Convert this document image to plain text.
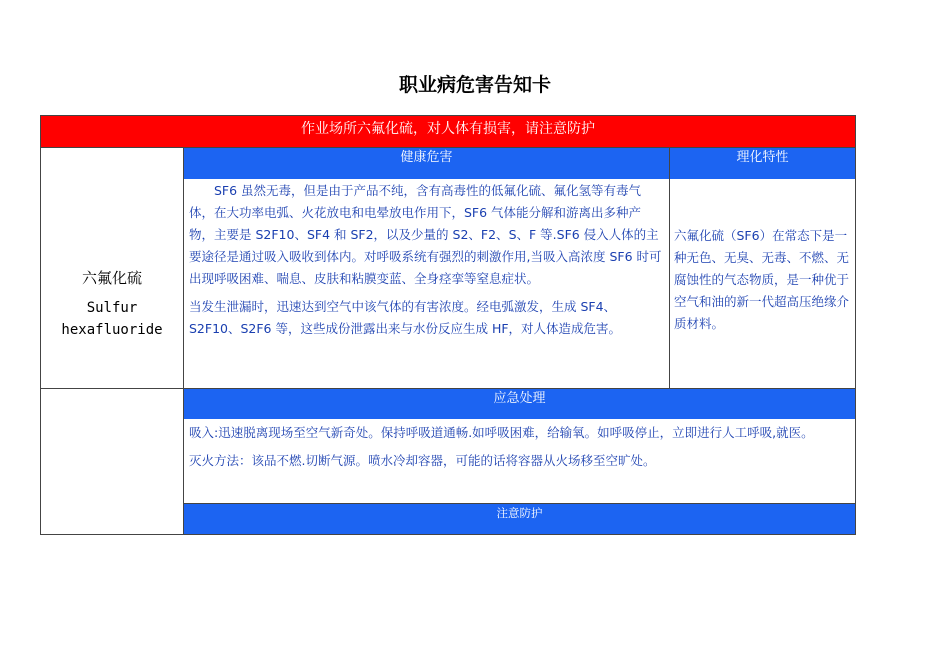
职业病危害告知卡
作业场所六氟化硫，对人体有损害，请注意防护
六氟化硫
Sulfur
hexafluoride
健康危害	理化特性

SF6 虽然无毒，但是由于产品不纯，含有高毒性的低氟化硫、氟化氢等有毒气体，在大功率电弧、火花放电和电晕放电作用下，SF6 气体能分解和游离出多种产物，主要是 S2F10、SF4 和 SF2，以及少量的 S2、F2、S、F 等.SF6 侵入人体的主要途径是通过吸入吸收到体内。对呼吸系统有强烈的刺激作用,当吸入高浓度 SF6 时可出现呼吸困难、喘息、皮肤和粘膜变蓝、全身痉挛等窒息症状。

当发生泄漏时，迅速达到空气中该气体的有害浓度。经电弧激发，生成 SF4、S2F10、S2F6 等，这些成份泄露出来与水份反应生成 HF，对人体造成危害。

六氟化硫（SF6）在常态下是一种无色、无臭、无毒、不燃、无腐蚀性的气态物质，是一种优于空气和油的新一代超高压绝缘介质材料。
应急处理

吸入:迅速脱离现场至空气新奇处。保持呼吸道通畅.如呼吸困难，给输氧。如呼吸停止，立即进行人工呼吸,就医。

灭火方法：该品不燃.切断气源。喷水冷却容器，可能的话将容器从火场移至空旷处。

注意防护
